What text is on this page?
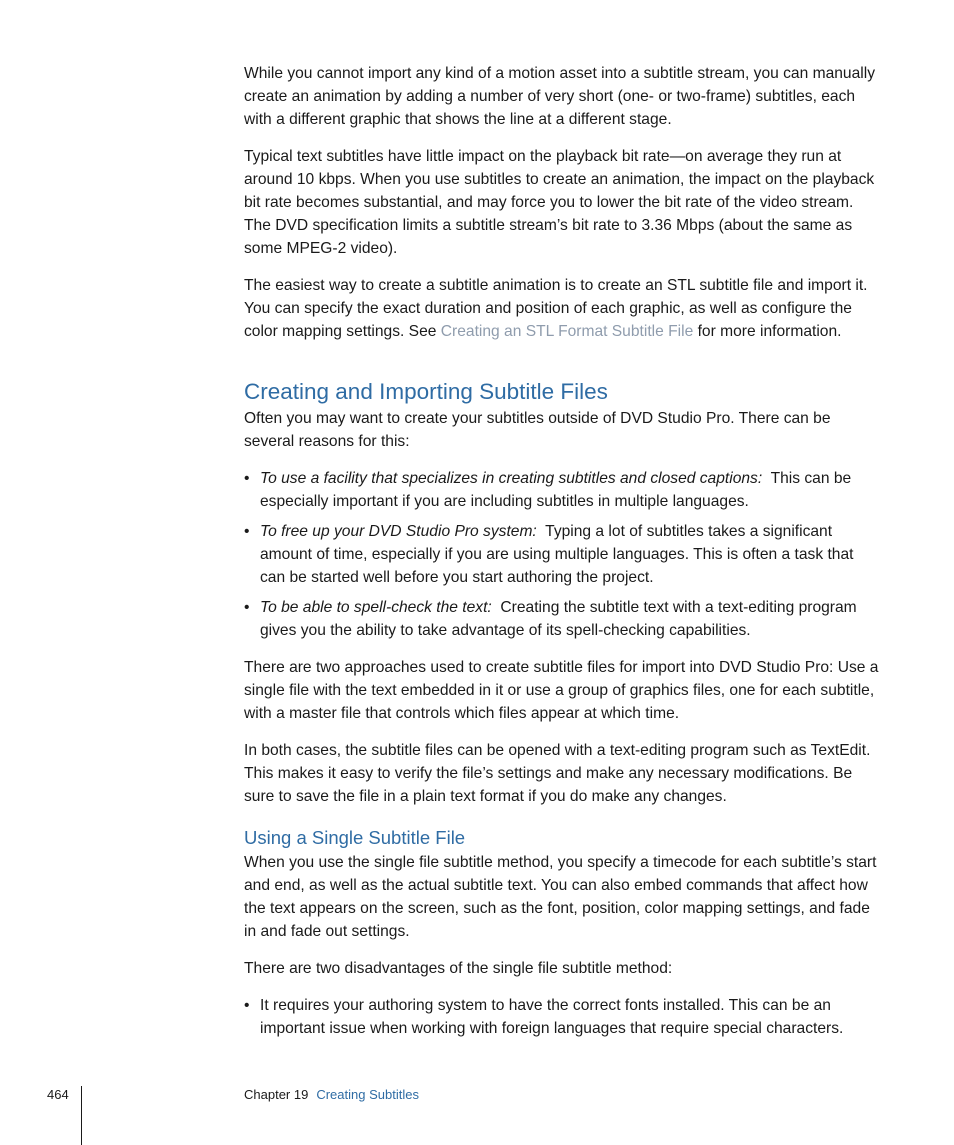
While you cannot import any kind of a motion asset into a subtitle stream, you can manually create an animation by adding a number of very short (one- or two-frame) subtitles, each with a different graphic that shows the line at a different stage.

Typical text subtitles have little impact on the playback bit rate—on average they run at around 10 kbps. When you use subtitles to create an animation, the impact on the playback bit rate becomes substantial, and may force you to lower the bit rate of the video stream. The DVD specification limits a subtitle stream’s bit rate to 3.36 Mbps (about the same as some MPEG-2 video).

The easiest way to create a subtitle animation is to create an STL subtitle file and import it. You can specify the exact duration and position of each graphic, as well as configure the color mapping settings. See Creating an STL Format Subtitle File for more information.

Creating and Importing Subtitle Files

Often you may want to create your subtitles outside of DVD Studio Pro. There can be several reasons for this:

• To use a facility that specializes in creating subtitles and closed captions: This can be especially important if you are including subtitles in multiple languages.
• To free up your DVD Studio Pro system: Typing a lot of subtitles takes a significant amount of time, especially if you are using multiple languages. This is often a task that can be started well before you start authoring the project.
• To be able to spell-check the text: Creating the subtitle text with a text-editing program gives you the ability to take advantage of its spell-checking capabilities.

There are two approaches used to create subtitle files for import into DVD Studio Pro: Use a single file with the text embedded in it or use a group of graphics files, one for each subtitle, with a master file that controls which files appear at which time.

In both cases, the subtitle files can be opened with a text-editing program such as TextEdit. This makes it easy to verify the file’s settings and make any necessary modifications. Be sure to save the file in a plain text format if you do make any changes.

Using a Single Subtitle File

When you use the single file subtitle method, you specify a timecode for each subtitle’s start and end, as well as the actual subtitle text. You can also embed commands that affect how the text appears on the screen, such as the font, position, color mapping settings, and fade in and fade out settings.

There are two disadvantages of the single file subtitle method:

• It requires your authoring system to have the correct fonts installed. This can be an important issue when working with foreign languages that require special characters.
464	Chapter 19 Creating Subtitles
